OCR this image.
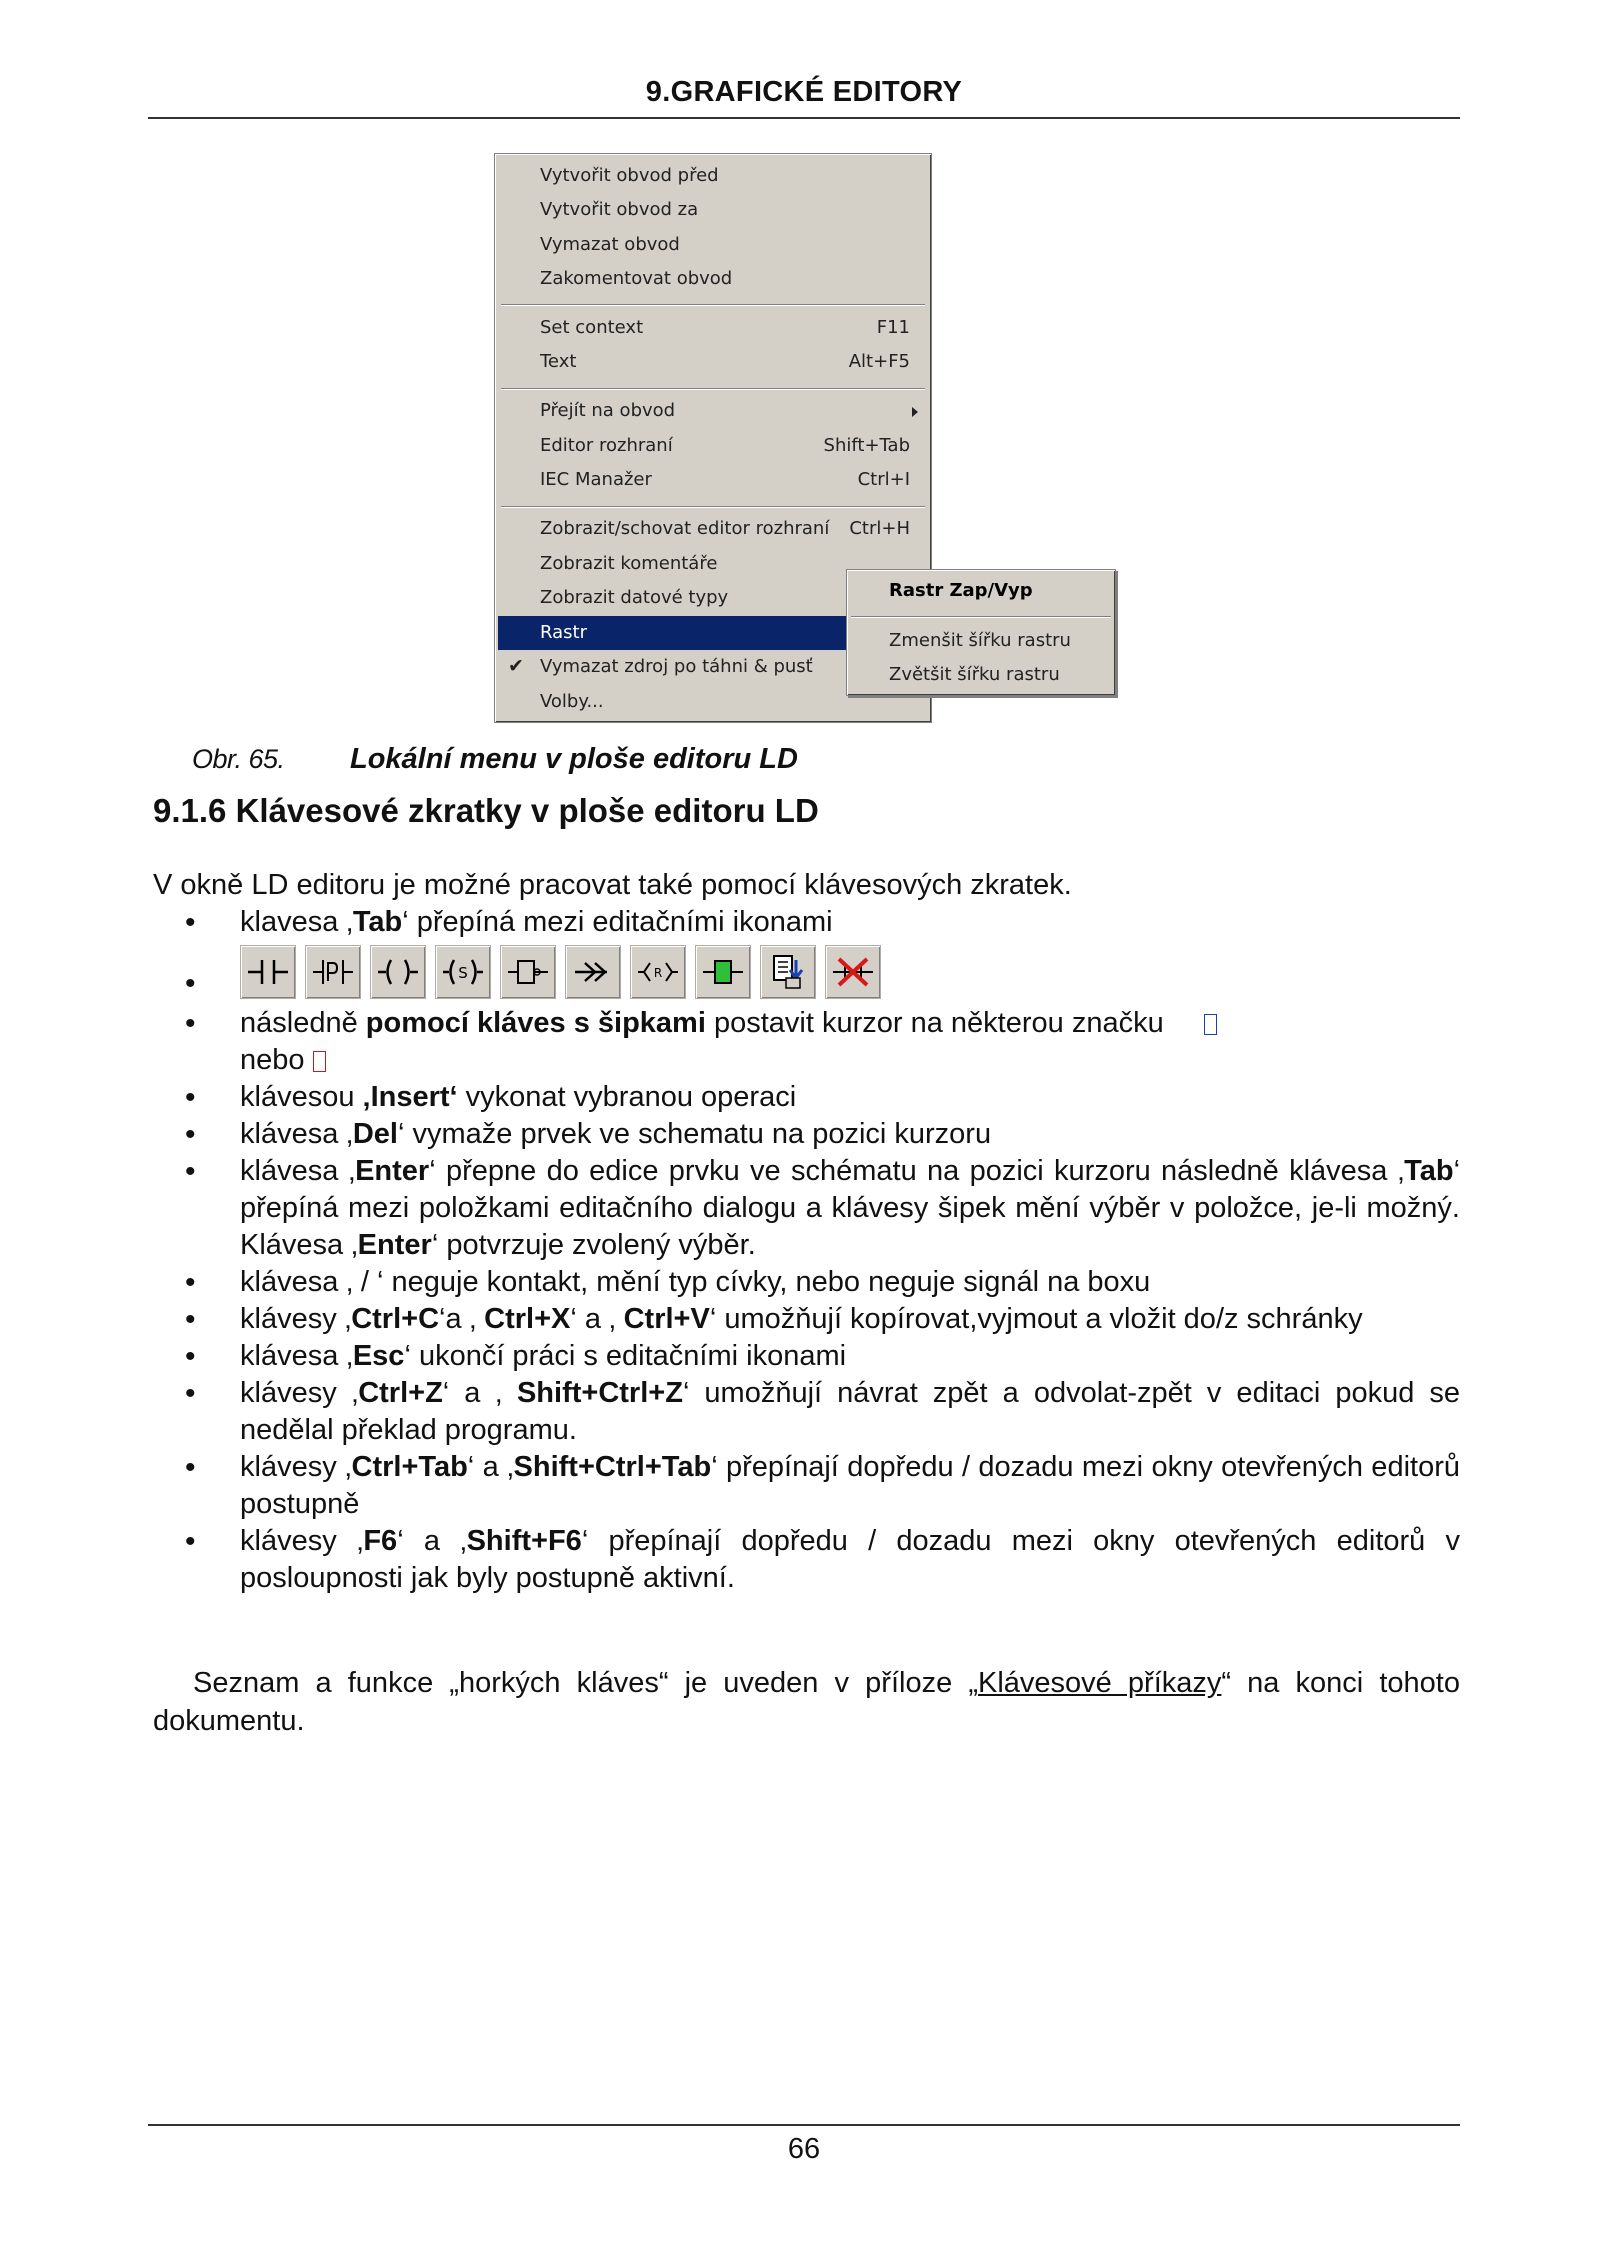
9.GRAFICKÉ EDITORY
Vytvořit obvod před
Vytvořit obvod za
Vymazat obvod
Zakomentovat obvod
Set context	F11
Text	Alt+F5
Přejít na obvod
Editor rozhraní	Shift+Tab
IEC Manažer	Ctrl+I
Zobrazit/schovat editor rozhraní Ctrl+H
Zobrazit komentáře
Zobrazit datové typy
Rastr
✔ Vymazat zdroj po táhni & pusť
Volby...
Rastr Zap/Vyp
Zmenšit šířku rastru
Zvětšit šířku rastru
Obr. 65. Lokální menu v ploše editoru LD
9.1.6 Klávesové zkratky v ploše editoru LD
V okně LD editoru je možné pracovat také pomocí klávesových zkratek.
• klavesa ‚Tab‘ přepíná mezi editačními ikonami
•	S	R
• následně pomocí kláves s šipkami postavit kurzor na některou značku
nebo
• klávesou ‚Insert‘ vykonat vybranou operaci
• klávesa ‚Del‘ vymaže prvek ve schematu na pozici kurzoru
• klávesa ‚Enter‘ přepne do edice prvku ve schématu na pozici kurzoru následně klávesa ‚Tab‘ přepíná mezi položkami editačního dialogu a klávesy šipek mění výběr v položce, je-li možný. Klávesa ‚Enter‘ potvrzuje zvolený výběr.
• klávesa ‚ / ‘ neguje kontakt, mění typ cívky, nebo neguje signál na boxu
• klávesy ‚Ctrl+C‘a ‚ Ctrl+X‘ a ‚ Ctrl+V‘ umožňují kopírovat,vyjmout a vložit do/z schránky
• klávesa ‚Esc‘ ukončí práci s editačními ikonami
• klávesy ‚Ctrl+Z‘ a ‚ Shift+Ctrl+Z‘ umožňují návrat zpět a odvolat-zpět v editaci pokud se nedělal překlad programu.
• klávesy ‚Ctrl+Tab‘ a ‚Shift+Ctrl+Tab‘ přepínají dopředu / dozadu mezi okny otevřených editorů postupně
• klávesy ‚F6‘ a ‚Shift+F6‘ přepínají dopředu / dozadu mezi okny otevřených editorů v posloupnosti jak byly postupně aktivní.
Seznam a funkce „horkých kláves“ je uveden v příloze „Klávesové příkazy“ na konci tohoto dokumentu.
66
